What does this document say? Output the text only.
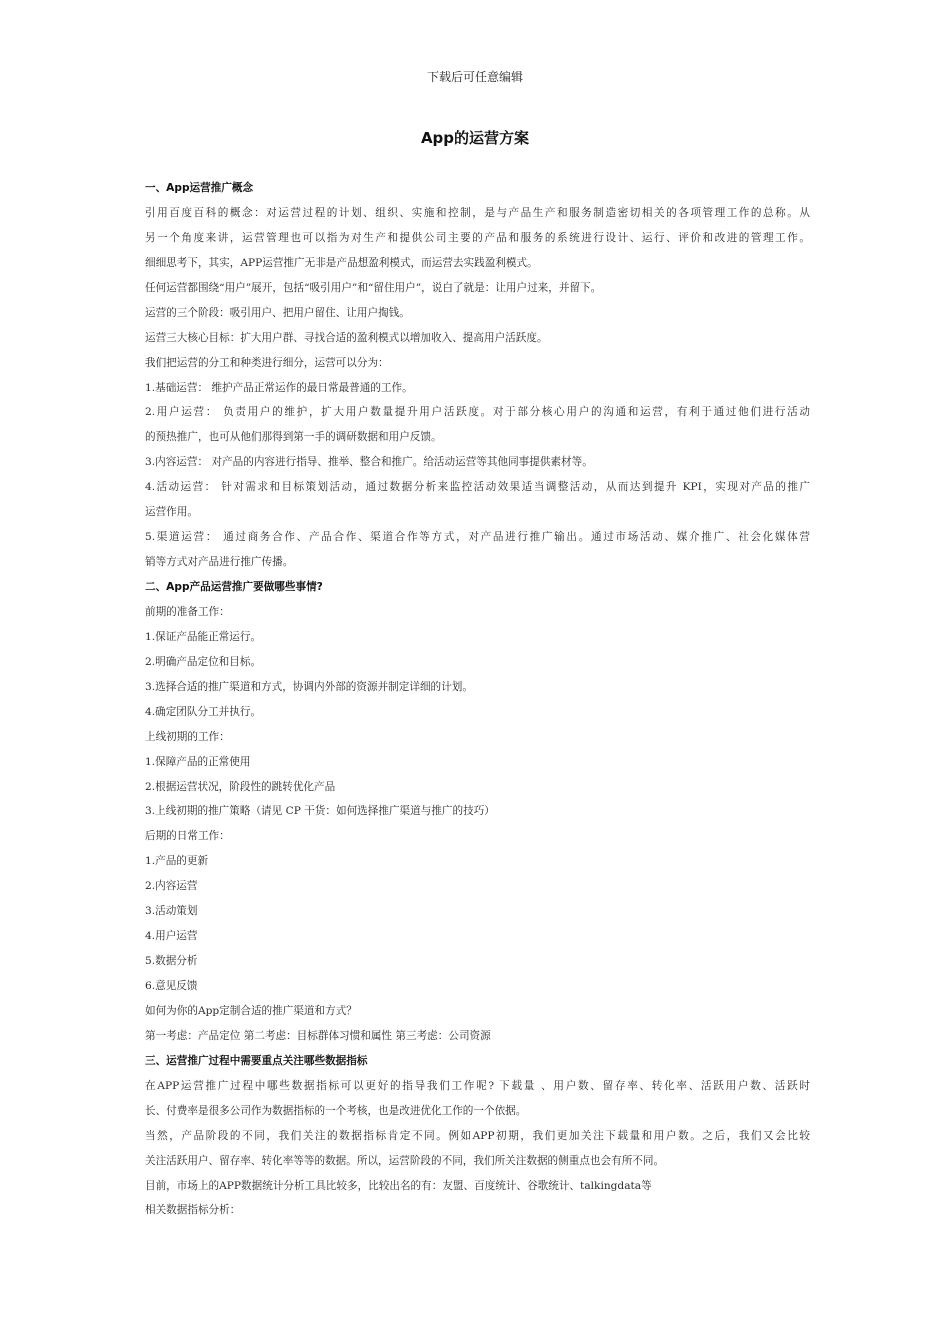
下载后可任意编辑
App的运营方案
一、App运营推广概念
引用百度百科的概念：对运营过程的计划、组织、实施和控制，是与产品生产和服务制造密切相关的各项管理工作的总称。从
另一个角度来讲，运营管理也可以指为对生产和提供公司主要的产品和服务的系统进行设计、运行、评价和改进的管理工作。
细细思考下，其实，APP运营推广无非是产品想盈利模式，而运营去实践盈利模式。
任何运营都围绕“用户”展开，包括“吸引用户”和“留住用户”，说白了就是：让用户过来，并留下。
运营的三个阶段：吸引用户、把用户留住、让用户掏钱。
运营三大核心目标：扩大用户群、寻找合适的盈利模式以增加收入、提高用户活跃度。
我们把运营的分工和种类进行细分，运营可以分为：
1.基础运营： 维护产品正常运作的最日常最普通的工作。
2.用户运营： 负责用户的维护，扩大用户数量提升用户活跃度。对于部分核心用户的沟通和运营，有利于通过他们进行活动
的预热推广，也可从他们那得到第一手的调研数据和用户反馈。
3.内容运营： 对产品的内容进行指导、推举、整合和推广。给活动运营等其他同事提供素材等。
4.活动运营： 针对需求和目标策划活动，通过数据分析来监控活动效果适当调整活动，从而达到提升 KPI，实现对产品的推广
运营作用。
5.渠道运营： 通过商务合作、产品合作、渠道合作等方式，对产品进行推广输出。通过市场活动、媒介推广、社会化媒体营
销等方式对产品进行推广传播。
二、App产品运营推广要做哪些事情?
前期的准备工作：
1.保证产品能正常运行。
2.明确产品定位和目标。
3.选择合适的推广渠道和方式，协调内外部的资源并制定详细的计划。
4.确定团队分工并执行。
上线初期的工作：
1.保障产品的正常使用
2.根据运营状况，阶段性的跳转优化产品
3.上线初期的推广策略（请见 CP 干货：如何选择推广渠道与推广的技巧）
后期的日常工作：
1.产品的更新
2.内容运营
3.活动策划
4.用户运营
5.数据分析
6.意见反馈
如何为你的App定制合适的推广渠道和方式？
第一考虑：产品定位 第二考虑：目标群体习惯和属性 第三考虑：公司资源
三、运营推广过程中需要重点关注哪些数据指标
在APP运营推广过程中哪些数据指标可以更好的指导我们工作呢? 下载量 、用户数、留存率、转化率、活跃用户数、活跃时
长、付费率是很多公司作为数据指标的一个考核，也是改进优化工作的一个依据。
当然，产品阶段的不同，我们关注的数据指标肯定不同。例如APP初期，我们更加关注下载量和用户数。之后，我们又会比较
关注活跃用户、留存率、转化率等等的数据。所以，运营阶段的不同，我们所关注数据的侧重点也会有所不同。
目前，市场上的APP数据统计分析工具比较多，比较出名的有：友盟、百度统计、谷歌统计、talkingdata等
相关数据指标分析：
